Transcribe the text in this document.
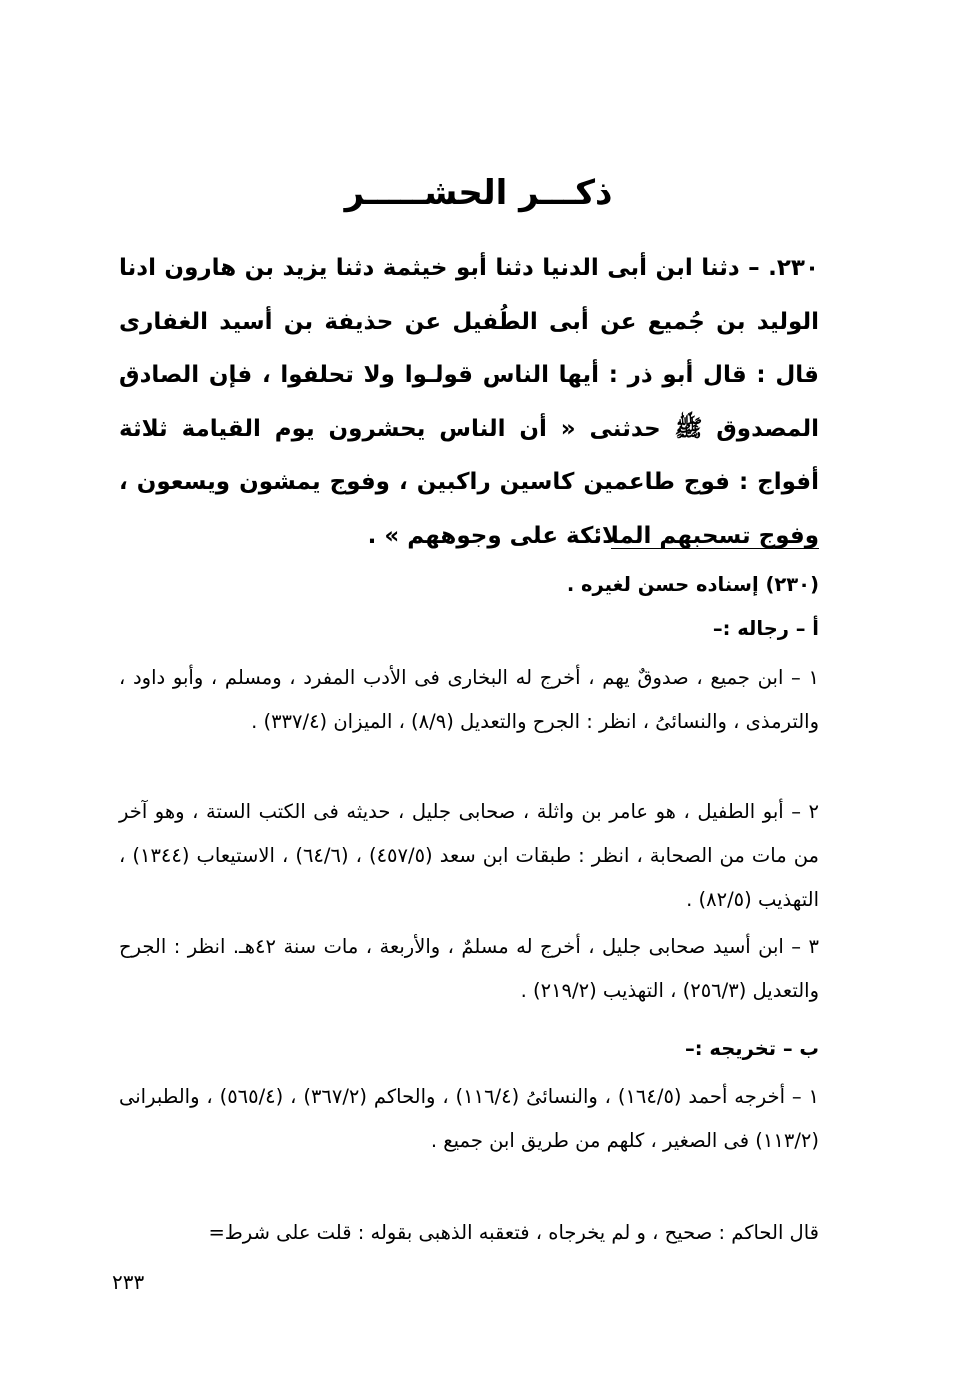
ذكـــر الحشـــــر
٢٣٠. – دثنا ابن أبى الدنيا دثنا أبو خيثمة دثنا يزيد بن هارون ادنا الوليد بن جُميع عن أبى الطُفيل عن حذيفة بن أسيد الغفارى قال : قال أبو ذر : أيها الناس قولـوا ولا تحلفوا ، فإن الصادق المصدوق ﷺ حدثنى « أن الناس يحشرون يوم القيامة ثلاثة أفواج : فوج طاعمين كاسين راكبين ، وفوج يمشون ويسعون ، وفوج تسحبهم الملائكة على وجوههم » .
(٢٣٠) إسناده حسن لغيره .
أ – رجاله :–
١ – ابن جميع ، صدوقٌ يهم ، أخرج له البخارى فى الأدب المفرد ، ومسلم ، وأبو داود ، والترمذى ، والنسائىُ ، انظر : الجرح والتعديل (٨/٩) ، الميزان (٣٣٧/٤) .
٢ – أبو الطفيل ، هو عامر بن واثلة ، صحابى جليل ، حديثه فى الكتب الستة ، وهو آخر من مات من الصحابة ، انظر : طبقات ابن سعد (٤٥٧/٥) ، (٦٤/٦) ، الاستيعاب (١٣٤٤) ، التهذيب (٨٢/٥) .
٣ – ابن أسيد صحابى جليل ، أخرج له مسلمٌ ، والأربعة ، مات سنة ٤٢هـ. انظر : الجرح والتعديل (٢٥٦/٣) ، التهذيب (٢١٩/٢) .
ب – تخريجه :–
١ – أخرجه أحمد (١٦٤/٥) ، والنسائىُ (١١٦/٤) ، والحاكم (٣٦٧/٢) ، (٥٦٥/٤) ، والطبرانى (١١٣/٢) فى الصغير ، كلهم من طريق ابن جميع .
قال الحاكم : صحيح ، و لم يخرجاه ، فتعقبه الذهبى بقوله : قلت على شرط=
٢٣٣
